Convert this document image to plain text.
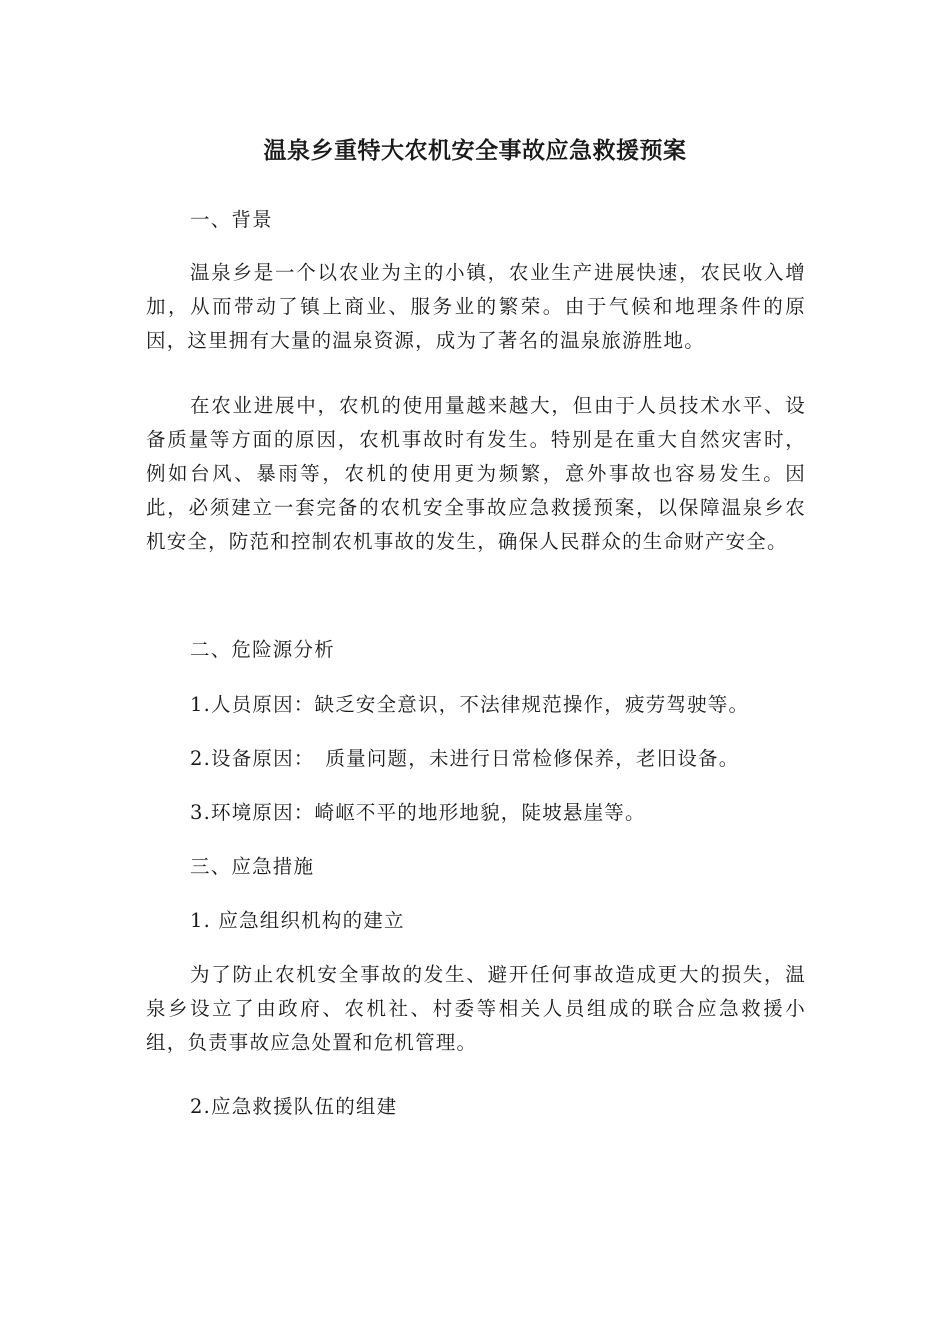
温泉乡重特大农机安全事故应急救援预案
一、背景
温泉乡是一个以农业为主的小镇，农业生产进展快速，农民收入增加，从而带动了镇上商业、服务业的繁荣。由于气候和地理条件的原因，这里拥有大量的温泉资源，成为了著名的温泉旅游胜地。
在农业进展中，农机的使用量越来越大，但由于人员技术水平、设备质量等方面的原因，农机事故时有发生。特别是在重大自然灾害时，例如台风、暴雨等，农机的使用更为频繁，意外事故也容易发生。因此，必须建立一套完备的农机安全事故应急救援预案，以保障温泉乡农机安全，防范和控制农机事故的发生，确保人民群众的生命财产安全。
二、危险源分析
1.人员原因：缺乏安全意识，不法律规范操作，疲劳驾驶等。
2.设备原因：　质量问题，未进行日常检修保养，老旧设备。
3.环境原因：崎岖不平的地形地貌，陡坡悬崖等。
三、应急措施
1. 应急组织机构的建立
为了防止农机安全事故的发生、避开任何事故造成更大的损失，温泉乡设立了由政府、农机社、村委等相关人员组成的联合应急救援小组，负责事故应急处置和危机管理。
2.应急救援队伍的组建
